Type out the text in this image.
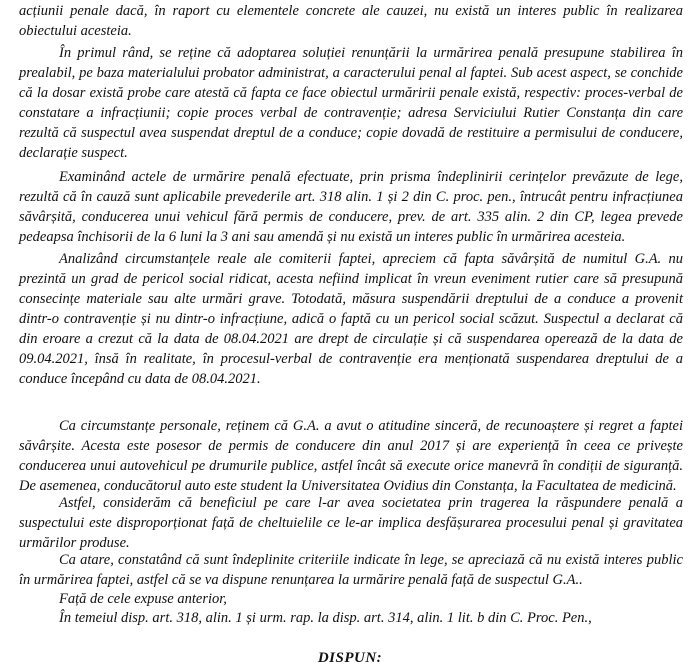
acțiunii penale dacă, în raport cu elementele concrete ale cauzei, nu există un interes public în realizarea obiectului acesteia.

În primul rând, se reține că adoptarea soluției renunțării la urmărirea penală presupune stabilirea în prealabil, pe baza materialului probator administrat, a caracterului penal al faptei. Sub acest aspect, se conchide că la dosar există probe care atestă că fapta ce face obiectul urmăririi penale există, respectiv: proces-verbal de constatare a infracțiunii; copie proces verbal de contravenție; adresa Serviciului Rutier Constanța din care rezultă că suspectul avea suspendat dreptul de a conduce; copie dovadă de restituire a permisului de conducere, declarație suspect.

Examinând actele de urmărire penală efectuate, prin prisma îndeplinirii cerințelor prevăzute de lege, rezultă că în cauză sunt aplicabile prevederile art. 318 alin. 1 și 2 din C. proc. pen., întrucât pentru infracțiunea săvârșită, conducerea unui vehicul fără permis de conducere, prev. de art. 335 alin. 2 din CP, legea prevede pedeapsa închisorii de la 6 luni la 3 ani sau amendă și nu există un interes public în urmărirea acesteia.

Analizând circumstanțele reale ale comiterii faptei, apreciem că fapta săvârșită de numitul G.A. nu prezintă un grad de pericol social ridicat, acesta nefiind implicat în vreun eveniment rutier care să presupună consecințe materiale sau alte urmări grave. Totodată, măsura suspendării dreptului de a conduce a provenit dintr-o contravenție și nu dintr-o infracțiune, adică o faptă cu un pericol social scăzut. Suspectul a declarat că din eroare a crezut că la data de 08.04.2021 are drept de circulație și că suspendarea operează de la data de 09.04.2021, însă în realitate, în procesul-verbal de contravenție era menționată suspendarea dreptului de a conduce începând cu data de 08.04.2021.

Ca circumstanțe personale, reținem că G.A. a avut o atitudine sinceră, de recunoaștere și regret a faptei săvârșite. Acesta este posesor de permis de conducere din anul 2017 și are experiență în ceea ce privește conducerea unui autovehicul pe drumurile publice, astfel încât să execute orice manevră în condiții de siguranță. De asemenea, conducătorul auto este student la Universitatea Ovidius din Constanța, la Facultatea de medicină.

Astfel, considerăm că beneficiul pe care l-ar avea societatea prin tragerea la răspundere penală a suspectului este disproporționat față de cheltuielile ce le-ar implica desfășurarea procesului penal și gravitatea urmărilor produse.

Ca atare, constatând că sunt îndeplinite criteriile indicate în lege, se apreciază că nu există interes public în urmărirea faptei, astfel că se va dispune renunțarea la urmărire penală față de suspectul G.A..

Față de cele expuse anterior,

În temeiul disp. art. 318, alin. 1 și urm. rap. la disp. art. 314, alin. 1 lit. b din C. Proc. Pen.,

DISPUN:
